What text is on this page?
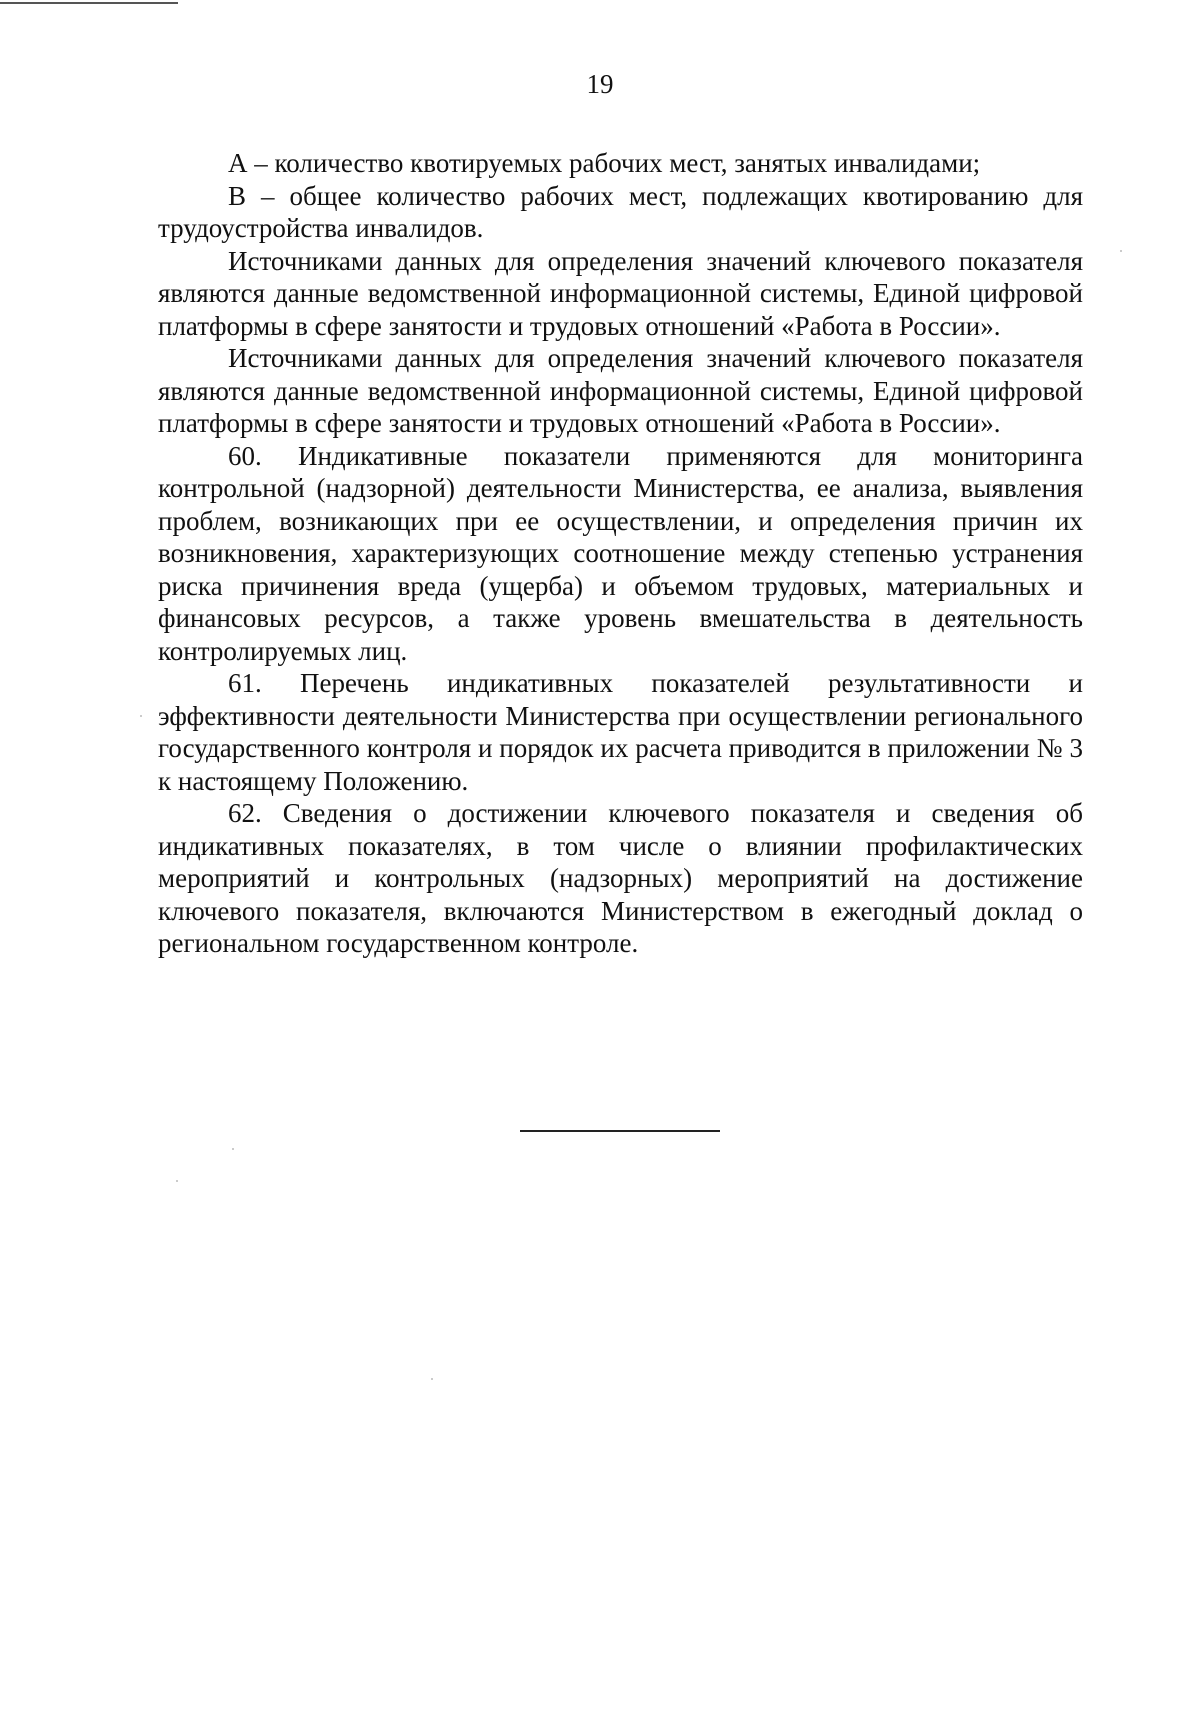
19

А – количество квотируемых рабочих мест, занятых инвалидами;

В – общее количество рабочих мест, подлежащих квотированию для трудоустройства инвалидов.

Источниками данных для определения значений ключевого показателя являются данные ведомственной информационной системы, Единой цифровой платформы в сфере занятости и трудовых отношений «Работа в России».

Источниками данных для определения значений ключевого показателя являются данные ведомственной информационной системы, Единой цифровой платформы в сфере занятости и трудовых отношений «Работа в России».

60. Индикативные показатели применяются для мониторинга контрольной (надзорной) деятельности Министерства, ее анализа, выявления проблем, возникающих при ее осуществлении, и определения причин их возникновения, характеризующих соотношение между степенью устранения риска причинения вреда (ущерба) и объемом трудовых, материальных и финансовых ресурсов, а также уровень вмешательства в деятельность контролируемых лиц.

61. Перечень индикативных показателей результативности и эффективности деятельности Министерства при осуществлении регионального государственного контроля и порядок их расчета приводится в приложении № 3 к настоящему Положению.

62. Сведения о достижении ключевого показателя и сведения об индикативных показателях, в том числе о влиянии профилактических мероприятий и контрольных (надзорных) мероприятий на достижение ключевого показателя, включаются Министерством в ежегодный доклад о региональном государственном контроле.
